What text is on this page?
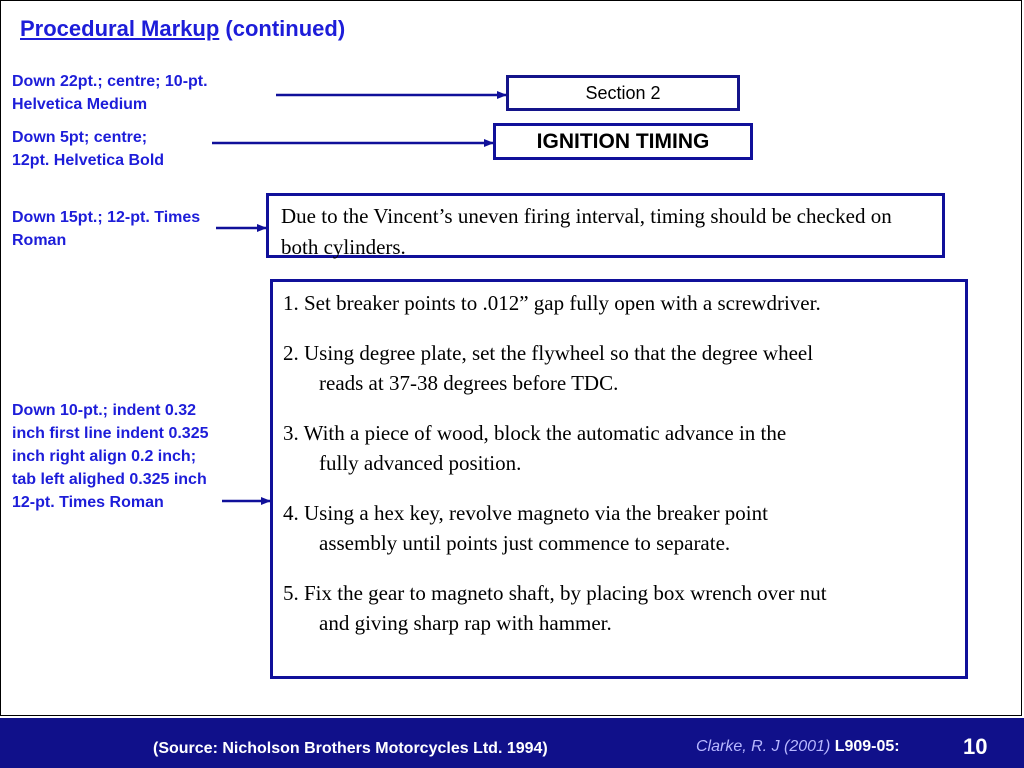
Procedural Markup (continued)
Down 22pt.; centre; 10-pt.
Helvetica Medium
Down 5pt; centre;
12pt. Helvetica Bold
Down 15pt.; 12-pt. Times
Roman
Down 10-pt.; indent 0.32
inch first line indent 0.325
inch right align 0.2 inch;
tab left alighed 0.325 inch
12-pt. Times Roman
Section 2
IGNITION TIMING
Due to the Vincent’s uneven firing interval, timing should be checked on both cylinders.
1. Set breaker points to .012” gap fully open with a screwdriver.
2. Using degree plate, set the flywheel so that the degree wheel
reads at 37-38 degrees before TDC.
3. With a piece of wood, block the automatic advance in the
fully advanced position.
4. Using a hex key, revolve magneto via the breaker point
assembly until points just commence to separate.
5. Fix the gear to magneto shaft, by placing box wrench over nut
and giving sharp rap with hammer.
(Source: Nicholson Brothers Motorcycles Ltd. 1994)	Clarke, R. J (2001) L909-05:	10
